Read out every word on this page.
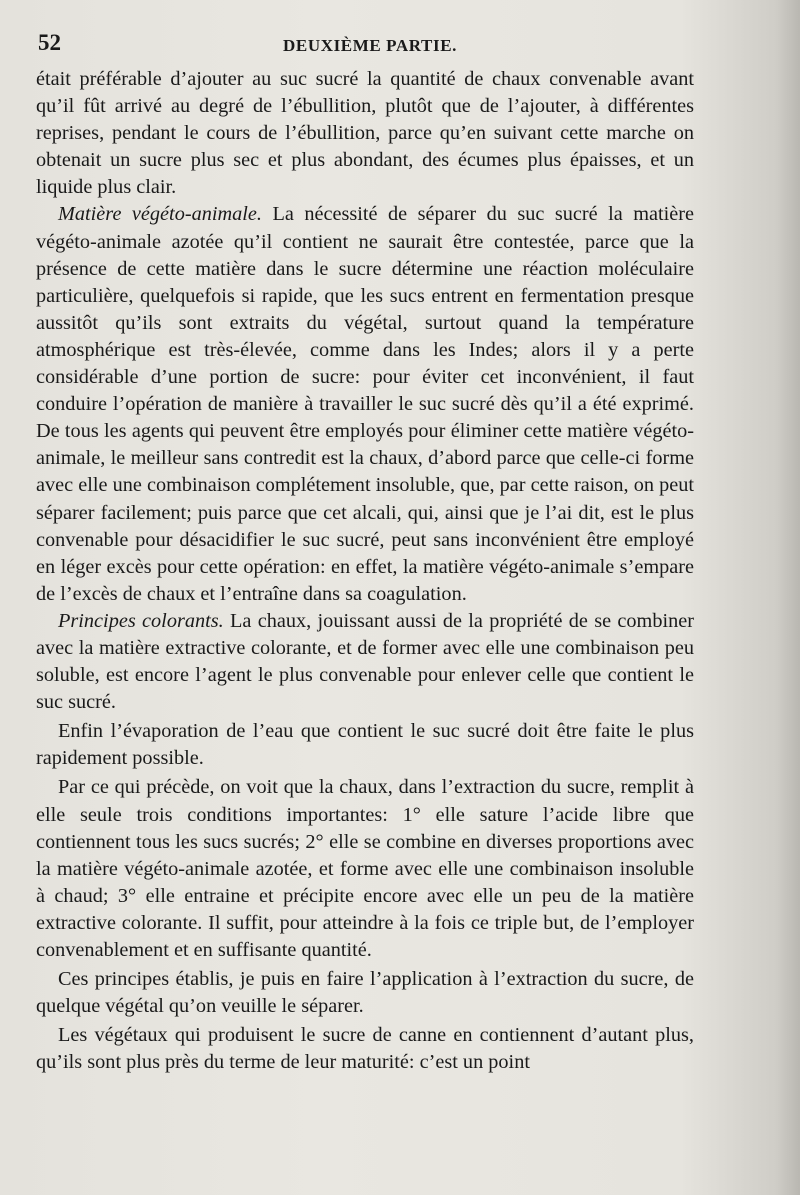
52	DEUXIÈME PARTIE.

était préférable d’ajouter au suc sucré la quantité de chaux convenable avant qu’il fût arrivé au degré de l’ébullition, plutôt que de l’ajouter, à différentes reprises, pendant le cours de l’ébullition, parce qu’en suivant cette marche on obtenait un sucre plus sec et plus abondant, des écumes plus épaisses, et un liquide plus clair.

Matière végéto-animale. La nécessité de séparer du suc sucré la matière végéto-animale azotée qu’il contient ne saurait être contestée, parce que la présence de cette matière dans le sucre détermine une réaction moléculaire particulière, quelquefois si rapide, que les sucs entrent en fermentation presque aussitôt qu’ils sont extraits du végétal, surtout quand la température atmosphérique est très-élevée, comme dans les Indes; alors il y a perte considérable d’une portion de sucre: pour éviter cet inconvénient, il faut conduire l’opération de manière à travailler le suc sucré dès qu’il a été exprimé. De tous les agents qui peuvent être employés pour éliminer cette matière végéto-animale, le meilleur sans contredit est la chaux, d’abord parce que celle-ci forme avec elle une combinaison complétement insoluble, que, par cette raison, on peut séparer facilement; puis parce que cet alcali, qui, ainsi que je l’ai dit, est le plus convenable pour désacidifier le suc sucré, peut sans inconvénient être employé en léger excès pour cette opération: en effet, la matière végéto-animale s’empare de l’excès de chaux et l’entraîne dans sa coagulation.

Principes colorants. La chaux, jouissant aussi de la propriété de se combiner avec la matière extractive colorante, et de former avec elle une combinaison peu soluble, est encore l’agent le plus convenable pour enlever celle que contient le suc sucré.

Enfin l’évaporation de l’eau que contient le suc sucré doit être faite le plus rapidement possible.

Par ce qui précède, on voit que la chaux, dans l’extraction du sucre, remplit à elle seule trois conditions importantes: 1° elle sature l’acide libre que contiennent tous les sucs sucrés; 2° elle se combine en diverses proportions avec la matière végéto-animale azotée, et forme avec elle une combinaison insoluble à chaud; 3° elle entraine et précipite encore avec elle un peu de la matière extractive colorante. Il suffit, pour atteindre à la fois ce triple but, de l’employer convenablement et en suffisante quantité.

Ces principes établis, je puis en faire l’application à l’extraction du sucre, de quelque végétal qu’on veuille le séparer.

Les végétaux qui produisent le sucre de canne en contiennent d’autant plus, qu’ils sont plus près du terme de leur maturité: c’est un point
